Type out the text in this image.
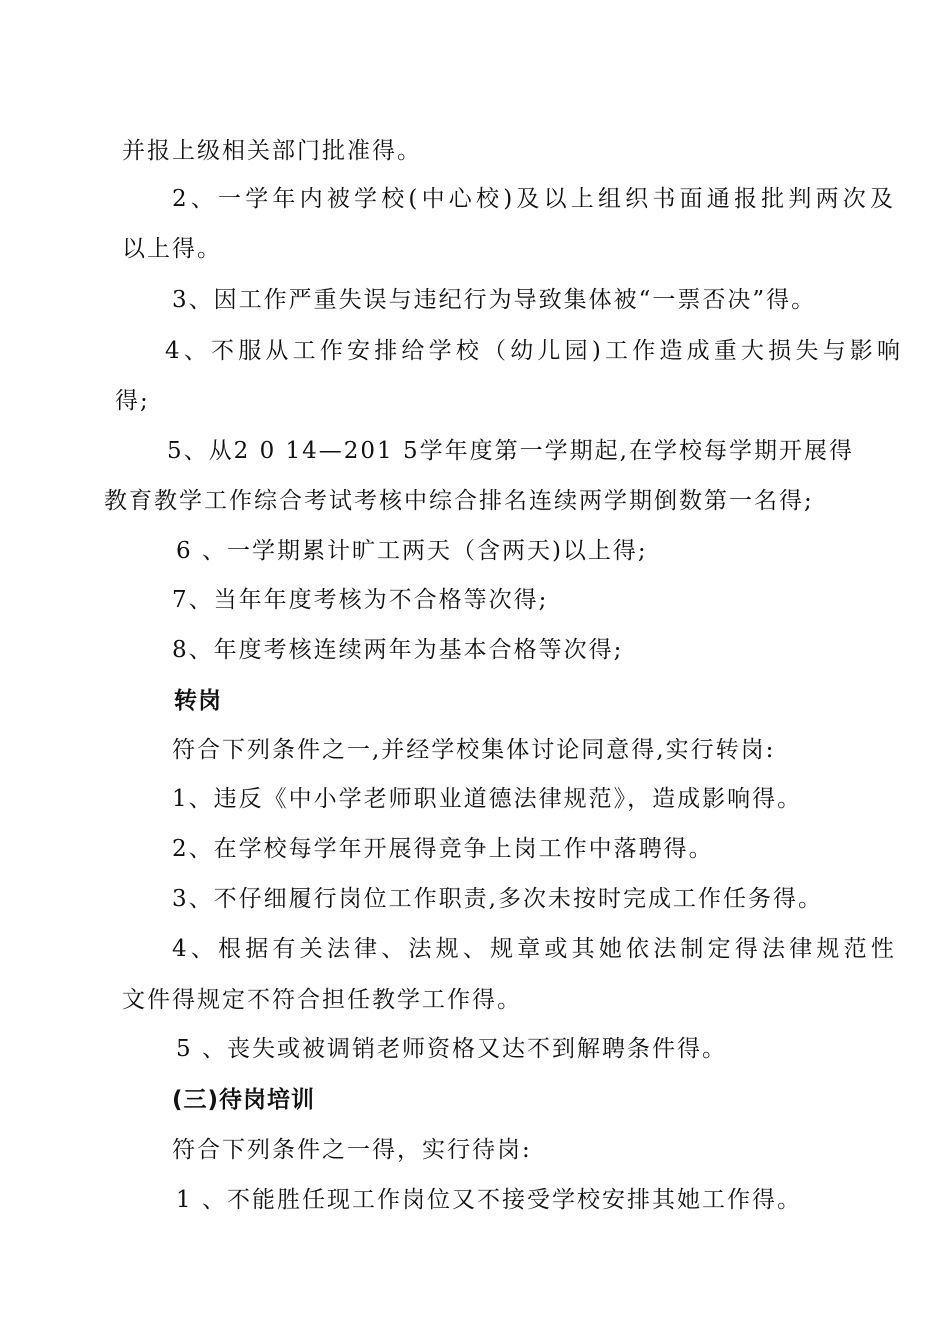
并报上级相关部门批准得。
2、一学年内被学校(中心校)及以上组织书面通报批判两次及
以上得。
3、因工作严重失误与违纪行为导致集体被“一票否决”得。
4、不服从工作安排给学校（幼儿园)工作造成重大损失与影响
得;
5、从2 0 14—201 5学年度第一学期起,在学校每学期开展得
教育教学工作综合考试考核中综合排名连续两学期倒数第一名得;
6 、一学期累计旷工两天（含两天)以上得;
7、当年年度考核为不合格等次得;
8、年度考核连续两年为基本合格等次得;
转岗
符合下列条件之一,并经学校集体讨论同意得,实行转岗:
1、违反《中小学老师职业道德法律规范》，造成影响得。
2、在学校每学年开展得竞争上岗工作中落聘得。
3、不仔细履行岗位工作职责,多次未按时完成工作任务得。
4、根据有关法律、法规、规章或其她依法制定得法律规范性
文件得规定不符合担任教学工作得。
5 、丧失或被调销老师资格又达不到解聘条件得。
(三)待岗培训
符合下列条件之一得，实行待岗:
1 、不能胜任现工作岗位又不接受学校安排其她工作得。
